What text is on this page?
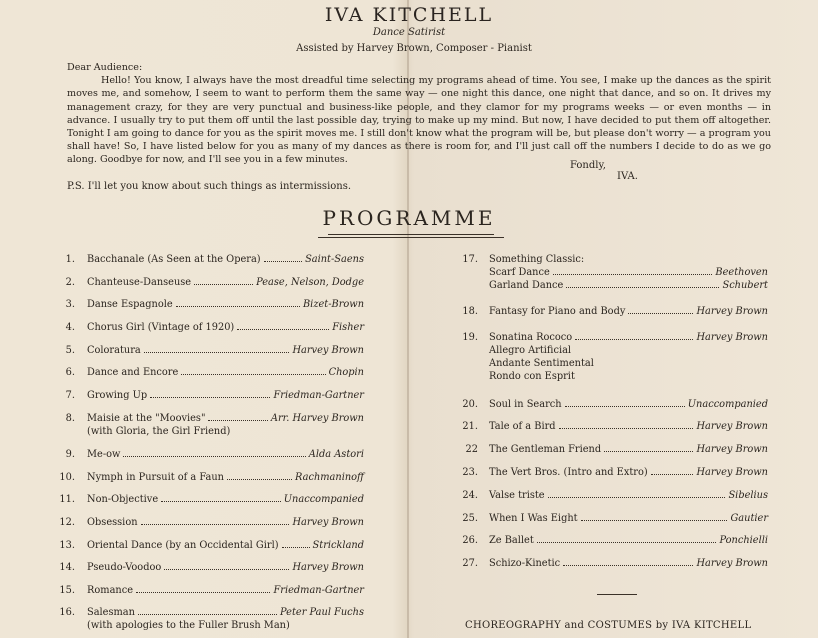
IVA KITCHELL
Dance Satirist
Assisted by Harvey Brown, Composer - Pianist

Dear Audience:

Hello! You know, I always have the most dreadful time selecting my programs ahead of time. You see, I make up the dances as the spirit moves me, and somehow, I seem to want to perform them the same way — one night this dance, one night that dance, and so on. It drives my management crazy, for they are very punctual and business-like people, and they clamor for my programs weeks — or even months — in advance. I usually try to put them off until the last possible day, trying to make up my mind. But now, I have decided to put them off altogether. Tonight I am going to dance for you as the spirit moves me. I still don't know what the program will be, but please don't worry — a program you shall have! So, I have listed below for you as many of my dances as there is room for, and I'll just call off the numbers I decide to do as we go along. Goodbye for now, and I'll see you in a few minutes.

Fondly,
IVA.
P.S. I'll let you know about such things as intermissions.
PROGRAMME
1. Bacchanale (As Seen at the Opera)	Saint-Saens
2. Chanteuse-Danseuse	Pease, Nelson, Dodge
3. Danse Espagnole	Bizet-Brown
4. Chorus Girl (Vintage of 1920)	Fisher
5. Coloratura	Harvey Brown
6. Dance and Encore	Chopin
7. Growing Up	Friedman-Gartner
8. Maisie at the "Moovies"	Arr. Harvey Brown
(with Gloria, the Girl Friend)
9. Me-ow	Alda Astori
10. Nymph in Pursuit of a Faun	Rachmaninoff
11. Non-Objective	Unaccompanied
12. Obsession	Harvey Brown
13. Oriental Dance (by an Occidental Girl)	Strickland
14. Pseudo-Voodoo	Harvey Brown
15. Romance	Friedman-Gartner
16. Salesman	Peter Paul Fuchs
(with apologies to the Fuller Brush Man)
17. Something Classic:
Scarf Dance	Beethoven
Garland Dance	Schubert
18. Fantasy for Piano and Body	Harvey Brown
19. Sonatina Rococo	Harvey Brown
Allegro Artificial
Andante Sentimental
Rondo con Esprit
20. Soul in Search	Unaccompanied
21. Tale of a Bird	Harvey Brown
22 The Gentleman Friend	Harvey Brown
23. The Vert Bros. (Intro and Extro)	Harvey Brown
24. Valse triste	Sibelius
25. When I Was Eight	Gautier
26. Ze Ballet	Ponchielli
27. Schizo-Kinetic	Harvey Brown
CHOREOGRAPHY and COSTUMES by IVA KITCHELL
